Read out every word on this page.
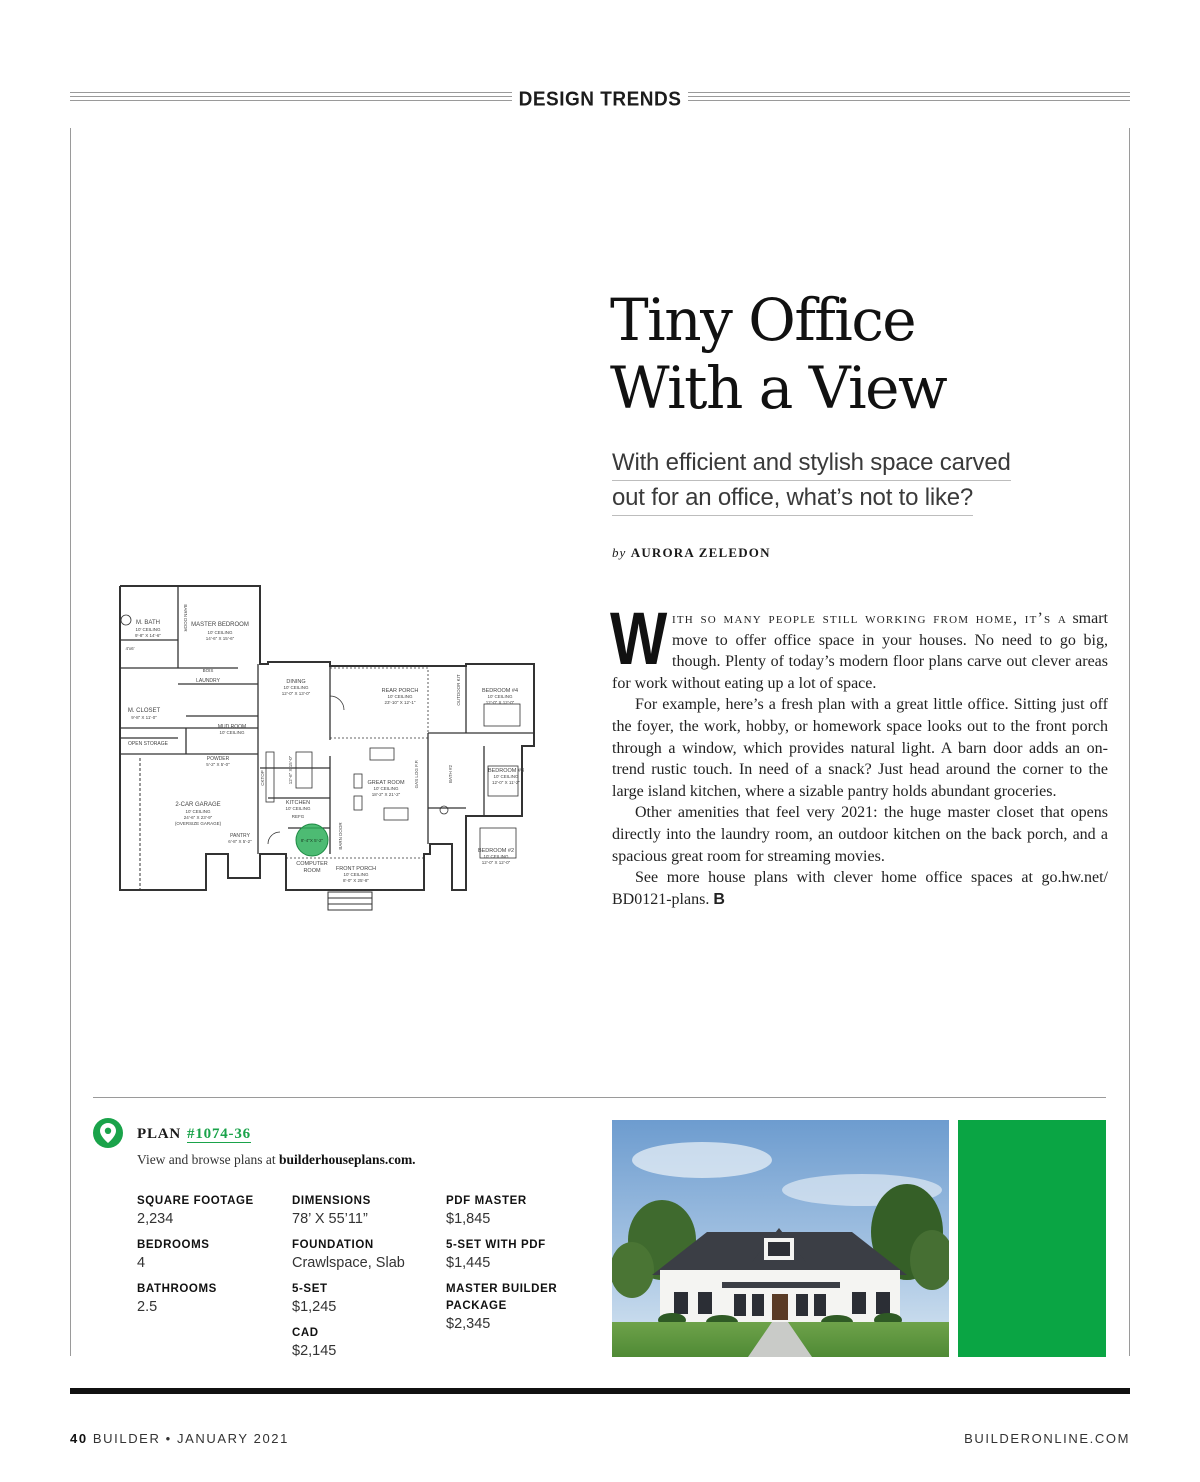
DESIGN TRENDS
Tiny Office
With a View
With efficient and stylish space carved
out for an office, what’s not to like?
by AURORA ZELEDON

With so many people still working from home, it’s a smart move to offer office space in your houses. No need to go big, though. Plenty of today’s modern floor plans carve out clever areas for work without eating up a lot of space.

For example, here’s a fresh plan with a great little office. Sitting just off the foyer, the work, hobby, or homework space looks out to the front porch through a window, which provides natural light. A barn door adds an on-trend rustic touch. In need of a snack? Just head around the corner to the large island kitchen, where a sizable pantry holds abundant groceries.

Other amenities that feel very 2021: the huge master closet that opens directly into the laundry room, an outdoor kitchen on the back porch, and a spacious great room for streaming movies.

See more house plans with clever home office spaces at go.hw.net/ BD0121-plans. B

M. BATH
10' CEILING
9'-8" X 14'-6"
MASTER BEDROOM
10' CEILING
14'-6" X 15'-6"
4'x6'
LAUNDRY
BOIS
M. CLOSET
9'-8" X 11'-0"
MUD ROOM
10' CEILING
OPEN STORAGE
POWDER
5'-2" X 5'-0"
2-CAR GARAGE
10' CEILING
24'-6" X 23'-9"
(OVERSIZE GARAGE)
PANTRY
6'-8" X 5'-2"
DINING
10' CEILING
12'-0" X 13'-0"
KITCHEN
10' CEILING
REFG
8'-4"X 5'-2"
COMPUTER
ROOM
REAR PORCH
10' CEILING
23'-10" X 12'-1"
GREAT ROOM
10' CEILING
18'-2" X 21'-2"
FRONT PORCH
10' CEILING
8'-0" X 25'-8"
BEDROOM #4
10' CEILING
12'-0" X 12'-0"
BEDROOM #3
10' CEILING
12'-0" X 11'-2"
BEDROOM #2
10' CEILING
12'-0" X 12'-0"
BARN DOOR
BARN DOOR
OUTDOOR KIT
GAS LOG F.P.	BATH #2
CKTOP	12'-6" X 15'-0"
PLAN #1074-36
View and browse plans at builderhouseplans.com.
SQUARE FOOTAGE
2,234
BEDROOMS
4
BATHROOMS
2.5
DIMENSIONS
78’ X 55’11”
FOUNDATION
Crawlspace, Slab
5-SET
$1,245
CAD
$2,145
PDF MASTER
$1,845
5-SET WITH PDF
$1,445
MASTER BUILDER PACKAGE
$2,345
40 BUILDER • JANUARY 2021	BUILDERONLINE.COM
